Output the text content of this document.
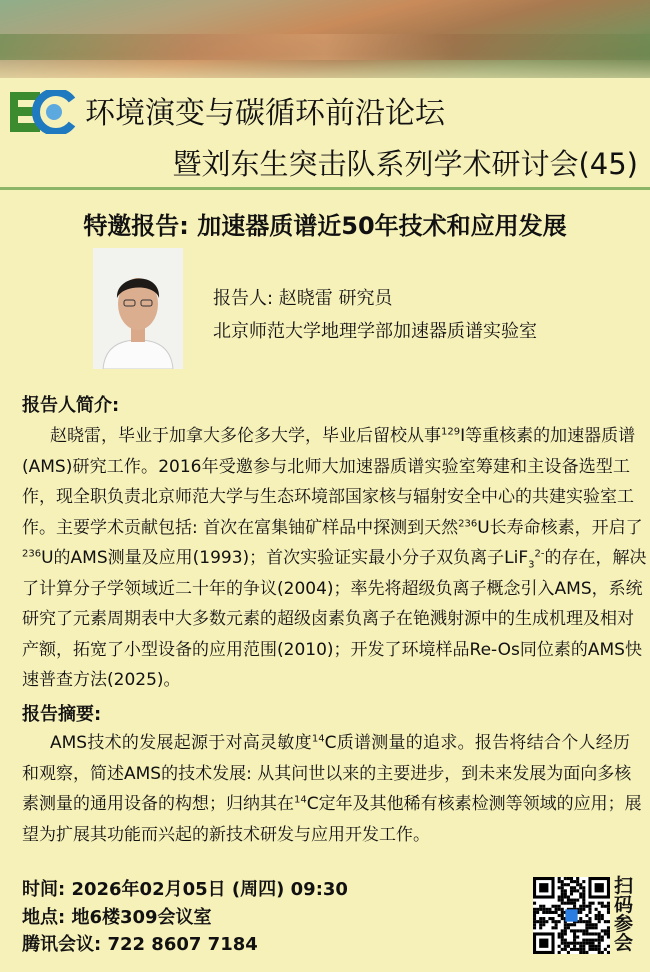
环境演变与碳循环前沿论坛
暨刘东生突击队系列学术研讨会(45)
特邀报告: 加速器质谱近50年技术和应用发展
报告人: 赵晓雷 研究员
北京师范大学地理学部加速器质谱实验室
报告人简介:
赵晓雷，毕业于加拿大多伦多大学，毕业后留校从事$^{129}$I等重核素的加速器质谱
(AMS)研究工作。2016年受邀参与北师大加速器质谱实验室筹建和主设备选型工
作，现全职负责北京师范大学与生态环境部国家核与辐射安全中心的共建实验室工
作。主要学术贡献包括: 首次在富集铀矿样品中探测到天然$^{236}$U长寿命核素，开启了
$^{236}$U的AMS测量及应用(1993)；首次实验证实最小分子双负离子LiF$_3^{2-}$的存在，解决
了计算分子学领域近二十年的争议(2004)；率先将超级负离子概念引入AMS，系统
研究了元素周期表中大多数元素的超级卤素负离子在铯溅射源中的生成机理及相对
产额，拓宽了小型设备的应用范围(2010)；开发了环境样品Re-Os同位素的AMS快
速普查方法(2025)。
报告摘要:
AMS技术的发展起源于对高灵敏度$^{14}$C质谱测量的追求。报告将结合个人经历
和观察，简述AMS的技术发展: 从其问世以来的主要进步，到未来发展为面向多核
素测量的通用设备的构想；归纳其在$^{14}$C定年及其他稀有核素检测等领域的应用；展
望为扩展其功能而兴起的新技术研发与应用开发工作。
时间: 2026年02月05日 (周四) 09:30
地点: 地6楼309会议室
腾讯会议: 722 8607 7184
扫码参会
